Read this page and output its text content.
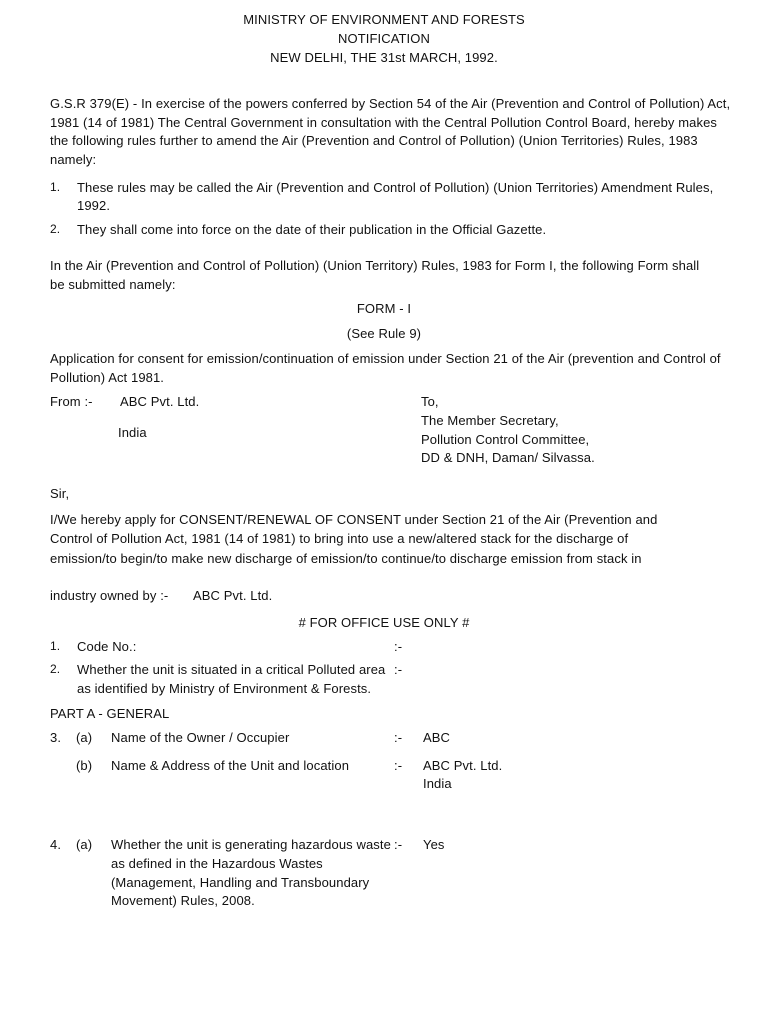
MINISTRY OF ENVIRONMENT AND FORESTS
NOTIFICATION
NEW DELHI, THE 31st MARCH, 1992.
G.S.R 379(E) - In exercise of the powers conferred by Section 54 of the Air (Prevention and Control of Pollution) Act,
1981 (14 of 1981) The Central Government in consultation with the Central Pollution Control Board, hereby makes
the following rules further to amend the Air (Prevention and Control of Pollution) (Union Territories) Rules, 1983
namely:
1. These rules may be called the Air (Prevention and Control of Pollution) (Union Territories) Amendment Rules,
1992.
2. They shall come into force on the date of their publication in the Official Gazette.
In the Air (Prevention and Control of Pollution) (Union Territory) Rules, 1983 for Form I, the following Form shall
be submitted namely:
FORM - I
(See Rule 9)
Application for consent for emission/continuation of emission under Section 21 of the Air (prevention and Control of
Pollution) Act 1981.
From :- ABC Pvt. Ltd.
India
To,
The Member Secretary,
Pollution Control Committee,
DD & DNH, Daman/ Silvassa.
Sir,
I/We hereby apply for CONSENT/RENEWAL OF CONSENT under Section 21 of the Air (Prevention and
Control of Pollution Act, 1981 (14 of 1981) to bring into use a new/altered stack for the discharge of
emission/to begin/to make new discharge of emission/to continue/to discharge emission from stack in
industry owned by :- ABC Pvt. Ltd.
# FOR OFFICE USE ONLY #
1. Code No.:	:-
2. Whether the unit is situated in a critical Polluted area
as identified by Ministry of Environment & Forests.
:-
PART A - GENERAL
3. (a) Name of the Owner / Occupier	:- ABC
(b) Name & Address of the Unit and location	:- ABC Pvt. Ltd.
India
4. (a) Whether the unit is generating hazardous waste
as defined in the Hazardous Wastes
(Management, Handling and Transboundary
Movement) Rules, 2008.
:- Yes
